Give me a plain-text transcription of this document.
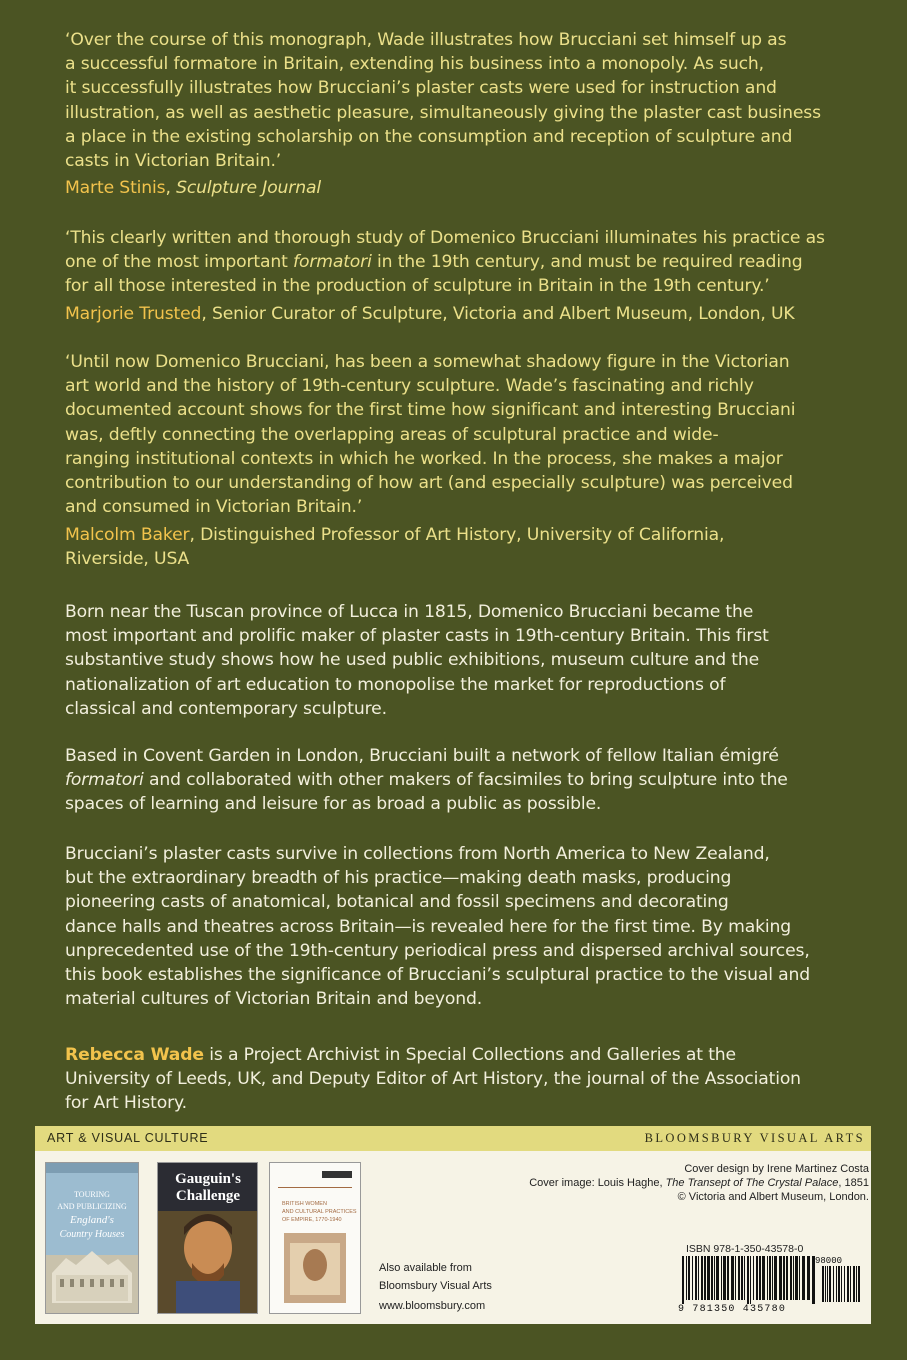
‘Over the course of this monograph, Wade illustrates how Brucciani set himself up as
a successful formatore in Britain, extending his business into a monopoly. As such,
it successfully illustrates how Brucciani’s plaster casts were used for instruction and
illustration, as well as aesthetic pleasure, simultaneously giving the plaster cast business
a place in the existing scholarship on the consumption and reception of sculpture and
casts in Victorian Britain.’
Marte Stinis, Sculpture Journal
‘This clearly written and thorough study of Domenico Brucciani illuminates his practice as
one of the most important formatori in the 19th century, and must be required reading
for all those interested in the production of sculpture in Britain in the 19th century.’
Marjorie Trusted, Senior Curator of Sculpture, Victoria and Albert Museum, London, UK
‘Until now Domenico Brucciani, has been a somewhat shadowy figure in the Victorian
art world and the history of 19th-century sculpture. Wade’s fascinating and richly
documented account shows for the first time how significant and interesting Brucciani
was, deftly connecting the overlapping areas of sculptural practice and wide-
ranging institutional contexts in which he worked. In the process, she makes a major
contribution to our understanding of how art (and especially sculpture) was perceived
and consumed in Victorian Britain.’
Malcolm Baker, Distinguished Professor of Art History, University of California,
Riverside, USA
Born near the Tuscan province of Lucca in 1815, Domenico Brucciani became the
most important and prolific maker of plaster casts in 19th-century Britain. This first
substantive study shows how he used public exhibitions, museum culture and the
nationalization of art education to monopolise the market for reproductions of
classical and contemporary sculpture.
Based in Covent Garden in London, Brucciani built a network of fellow Italian émigré
formatori and collaborated with other makers of facsimiles to bring sculpture into the
spaces of learning and leisure for as broad a public as possible.
Brucciani’s plaster casts survive in collections from North America to New Zealand,
but the extraordinary breadth of his practice—making death masks, producing
pioneering casts of anatomical, botanical and fossil specimens and decorating
dance halls and theatres across Britain—is revealed here for the first time. By making
unprecedented use of the 19th-century periodical press and dispersed archival sources,
this book establishes the significance of Brucciani’s sculptural practice to the visual and
material cultures of Victorian Britain and beyond.
Rebecca Wade is a Project Archivist in Special Collections and Galleries at the
University of Leeds, UK, and Deputy Editor of Art History, the journal of the Association
for Art History.
ART & VISUAL CULTURE	BLOOMSBURY VISUAL ARTS
TOURING
AND PUBLICIZING
England's
Country Houses
Gauguin's
Challenge	BRITISH WOMEN
AND CULTURAL PRACTICES
OF EMPIRE, 1770-1940
Also available from
Bloomsbury Visual Arts
www.bloomsbury.com
Cover design by Irene Martinez Costa
Cover image: Louis Haghe, The Transept of The Crystal Palace, 1851
© Victoria and Albert Museum, London.
ISBN 978-1-350-43578-0
9 781350 435780
98000
